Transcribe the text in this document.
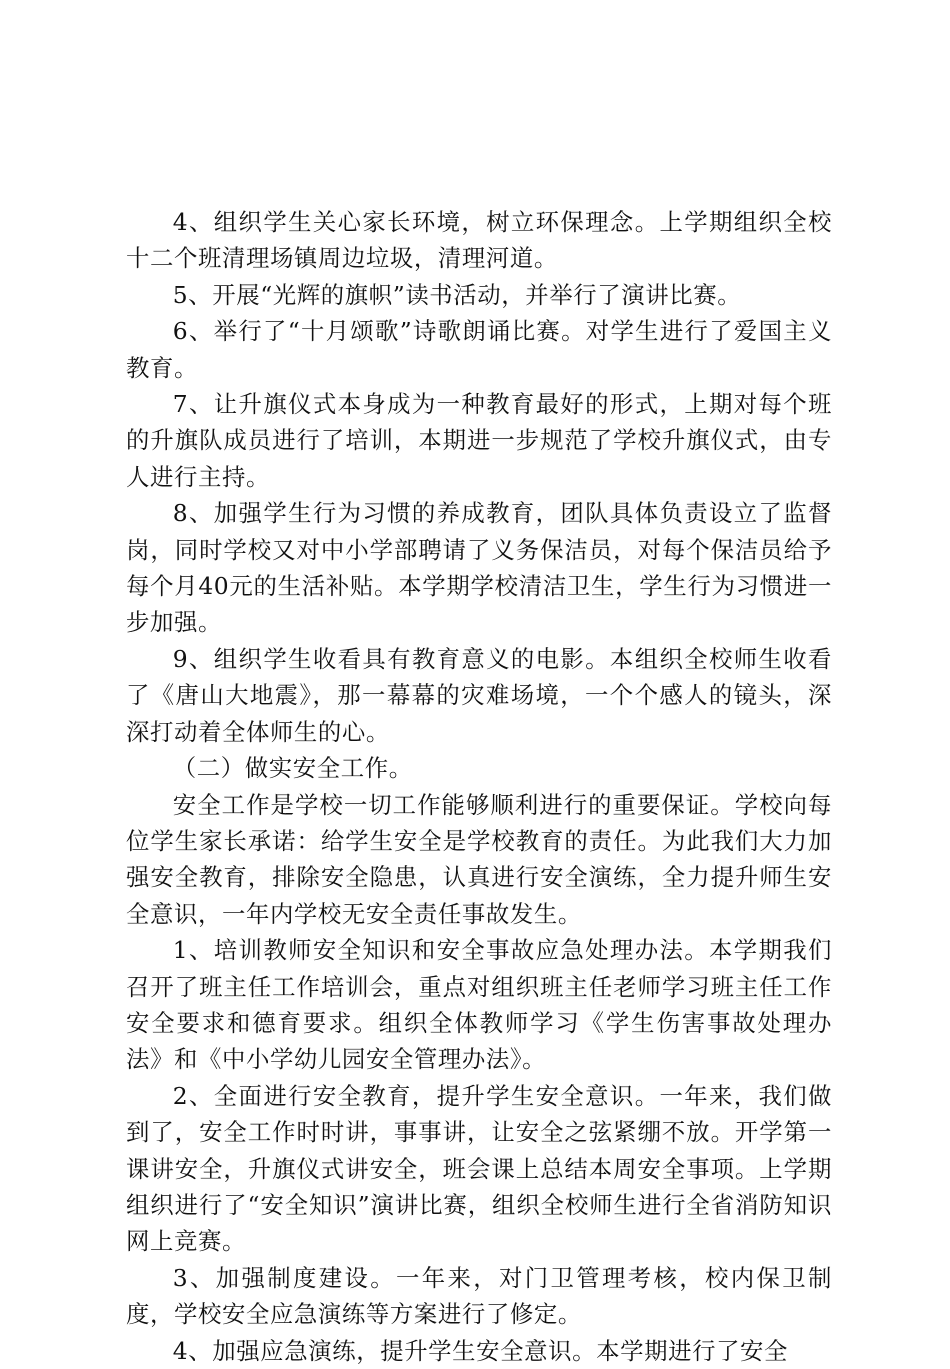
4、组织学生关心家长环境，树立环保理念。上学期组织全校十二个班清理场镇周边垃圾，清理河道。

5、开展“光辉的旗帜”读书活动，并举行了演讲比赛。

6、举行了“十月颂歌”诗歌朗诵比赛。对学生进行了爱国主义教育。

7、让升旗仪式本身成为一种教育最好的形式，上期对每个班的升旗队成员进行了培训，本期进一步规范了学校升旗仪式，由专人进行主持。

8、加强学生行为习惯的养成教育，团队具体负责设立了监督岗，同时学校又对中小学部聘请了义务保洁员，对每个保洁员给予每个月40元的生活补贴。本学期学校清洁卫生，学生行为习惯进一步加强。

9、组织学生收看具有教育意义的电影。本组织全校师生收看了《唐山大地震》，那一幕幕的灾难场境，一个个感人的镜头，深深打动着全体师生的心。

（二）做实安全工作。

安全工作是学校一切工作能够顺利进行的重要保证。学校向每位学生家长承诺：给学生安全是学校教育的责任。为此我们大力加强安全教育，排除安全隐患，认真进行安全演练，全力提升师生安全意识，一年内学校无安全责任事故发生。

1、培训教师安全知识和安全事故应急处理办法。本学期我们召开了班主任工作培训会，重点对组织班主任老师学习班主任工作安全要求和德育要求。组织全体教师学习《学生伤害事故处理办法》和《中小学幼儿园安全管理办法》。

2、全面进行安全教育，提升学生安全意识。一年来，我们做到了，安全工作时时讲，事事讲，让安全之弦紧绷不放。开学第一课讲安全，升旗仪式讲安全，班会课上总结本周安全事项。上学期组织进行了“安全知识”演讲比赛，组织全校师生进行全省消防知识网上竞赛。

3、加强制度建设。一年来，对门卫管理考核，校内保卫制度，学校安全应急演练等方案进行了修定。

4、加强应急演练，提升学生安全意识。本学期进行了安全
